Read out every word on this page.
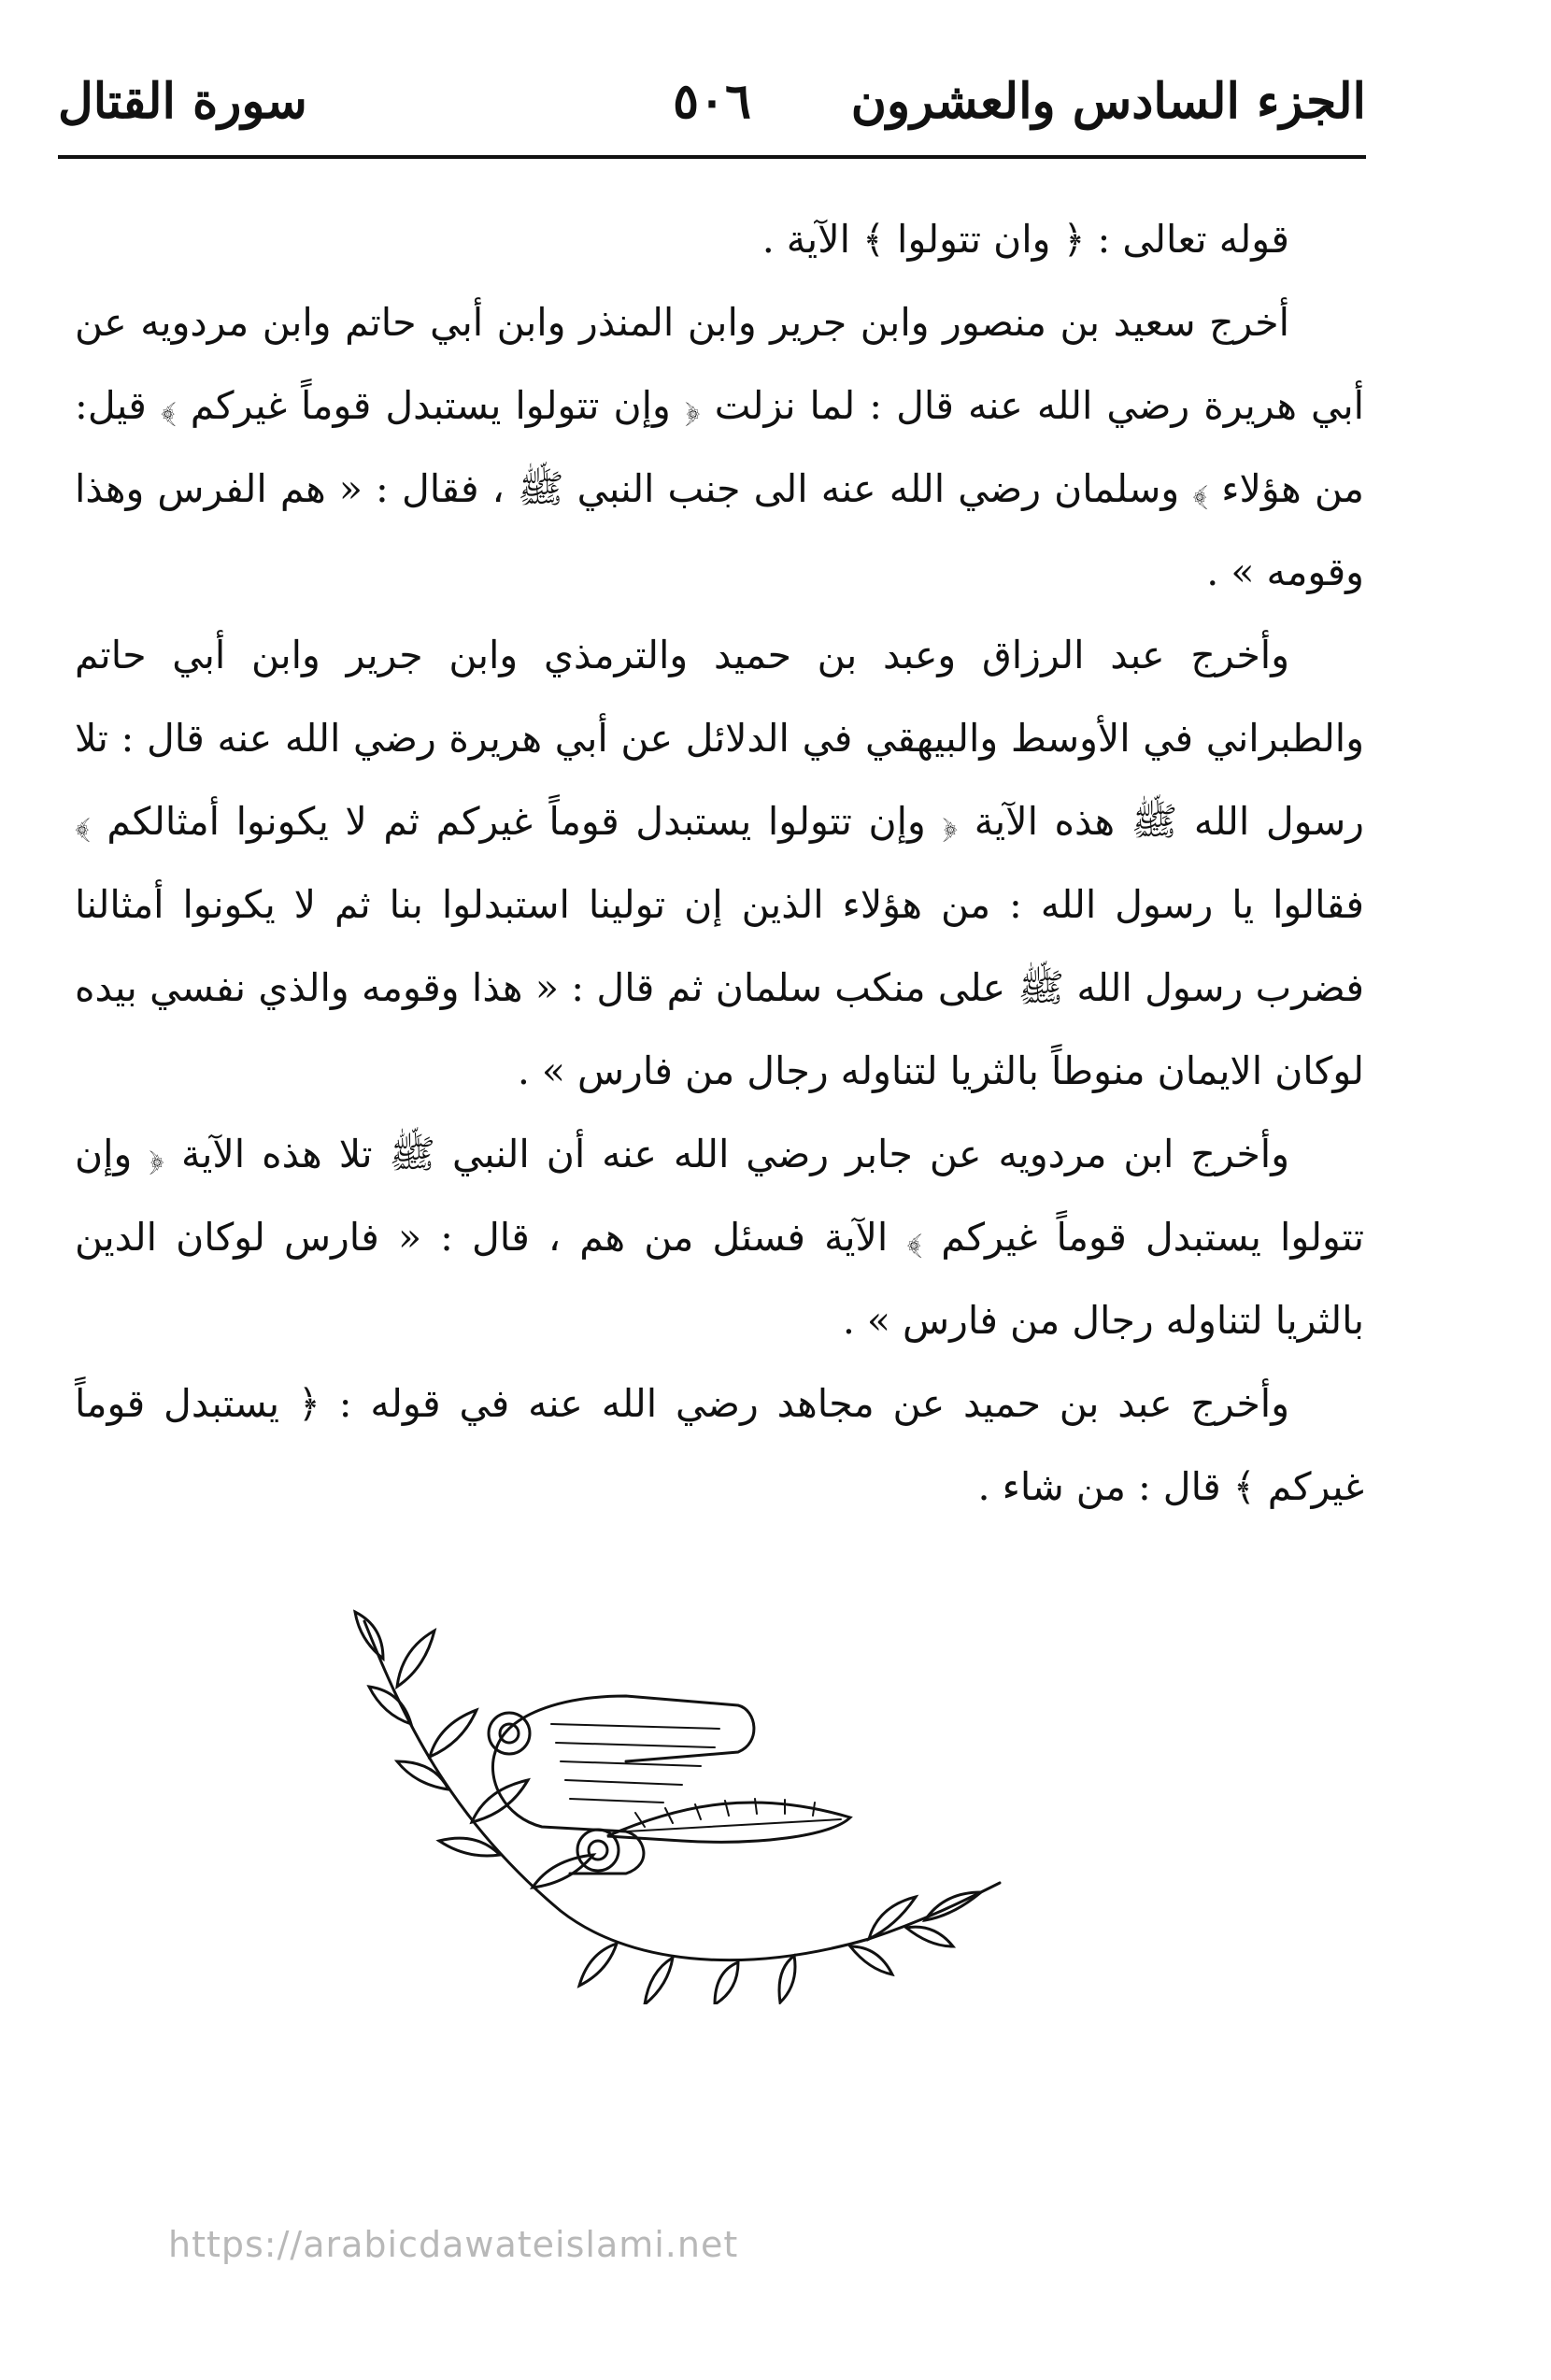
الجزء السادس والعشرون
٥٠٦
سورة القتال

قوله تعالى : ﴿ وان تتولوا ﴾ الآية .

أخرج سعيد بن منصور وابن جرير وابن المنذر وابن أبي حاتم وابن مردويه عن أبي هريرة رضي الله عنه قال : لما نزلت ﴿ وإن تتولوا يستبدل قوماً غيركم ﴾ قيل: من هؤلاء ﴾ وسلمان رضي الله عنه الى جنب النبي ﷺ ، فقال : « هم الفرس وهذا وقومه » .

وأخرج عبد الرزاق وعبد بن حميد والترمذي وابن جرير وابن أبي حاتم والطبراني في الأوسط والبيهقي في الدلائل عن أبي هريرة رضي الله عنه قال : تلا رسول الله ﷺ هذه الآية ﴿ وإن تتولوا يستبدل قوماً غيركم ثم لا يكونوا أمثالكم ﴾ فقالوا يا رسول الله : من هؤلاء الذين إن تولينا استبدلوا بنا ثم لا يكونوا أمثالنا فضرب رسول الله ﷺ على منكب سلمان ثم قال : « هذا وقومه والذي نفسي بيده لوكان الايمان منوطاً بالثريا لتناوله رجال من فارس » .

وأخرج ابن مردويه عن جابر رضي الله عنه أن النبي ﷺ تلا هذه الآية ﴿ وإن تتولوا يستبدل قوماً غيركم ﴾ الآية فسئل من هم ، قال : « فارس لوكان الدين بالثريا لتناوله رجال من فارس » .

وأخرج عبد بن حميد عن مجاهد رضي الله عنه في قوله : ﴿ يستبدل قوماً غيركم ﴾ قال : من شاء .

https://arabicdawateislami.net
